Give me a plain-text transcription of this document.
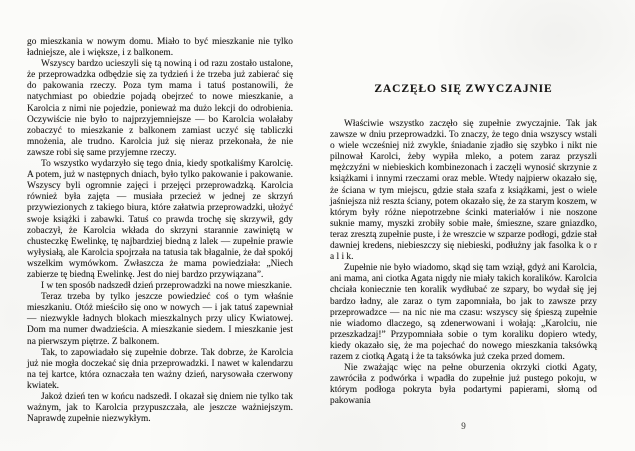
go mieszkania w nowym domu. Miało to być mieszkanie nie tylko ładniejsze, ale i większe, i z balkonem.

Wszyscy bardzo ucieszyli się tą nowiną i od razu zostało ustalone, że przeprowadzka odbędzie się za tydzień i że trzeba już zabierać się do pakowania rzeczy. Poza tym mama i tatuś postanowili, że natychmiast po obiedzie pojadą obejrzeć to nowe mieszkanie, a Karolcia z nimi nie pojedzie, ponieważ ma dużo lekcji do odrobienia. Oczywiście nie było to najprzyjemniejsze — bo Karolcia wolałaby zobaczyć to mieszkanie z balkonem zamiast uczyć się tabliczki mnożenia, ale trudno. Karolcia już się nieraz przekonała, że nie zawsze robi się same przyjemne rzeczy.

To wszystko wydarzyło się tego dnia, kiedy spotkaliśmy Karolcię. A potem, już w następnych dniach, było tylko pakowanie i pakowanie. Wszyscy byli ogromnie zajęci i przejęci przeprowadzką. Karolcia również była zajęta — musiała przecież w jednej ze skrzyń przywiezionych z takiego biura, które załatwia przeprowadzki, ułożyć swoje książki i zabawki. Tatuś co prawda trochę się skrzywił, gdy zobaczył, że Karolcia wkłada do skrzyni starannie zawiniętą w chusteczkę Ewelinkę, tę najbardziej biedną z lalek — zupełnie prawie wyłysiałą, ale Karolcia spojrzała na tatusia tak błagalnie, że dał spokój wszelkim wymówkom. Zwłaszcza że mama powiedziała: „Niech zabierze tę biedną Ewelinkę. Jest do niej bardzo przywiązana”.

I w ten sposób nadszedł dzień przeprowadzki na nowe mieszkanie.

Teraz trzeba by tylko jeszcze powiedzieć coś o tym właśnie mieszkaniu. Otóż mieściło się ono w nowych — i jak tatuś zapewniał — niezwykle ładnych blokach mieszkalnych przy ulicy Kwiatowej. Dom ma numer dwadzieścia. A mieszkanie siedem. I mieszkanie jest na pierwszym piętrze. Z balkonem.

Tak, to zapowiadało się zupełnie dobrze. Tak dobrze, że Karolcia już nie mogła doczekać się dnia przeprowadzki. I nawet w kalendarzu na tej kartce, która oznaczała ten ważny dzień, narysowała czerwony kwiatek.

Jakoż dzień ten w końcu nadszedł. I okazał się dniem nie tylko tak ważnym, jak to Karolcia przypuszczała, ale jeszcze ważniejszym. Naprawdę zupełnie niezwykłym.

ZACZĘŁO SIĘ ZWYCZAJNIE

Właściwie wszystko zaczęło się zupełnie zwyczajnie. Tak jak zawsze w dniu przeprowadzki. To znaczy, że tego dnia wszyscy wstali o wiele wcześniej niż zwykle, śniadanie zjadło się szybko i nikt nie pilnował Karolci, żeby wypiła mleko, a potem zaraz przyszli mężczyźni w niebieskich kombinezonach i zaczęli wynosić skrzynie z książkami i innymi rzeczami oraz meble. Wtedy najpierw okazało się, że ściana w tym miejscu, gdzie stała szafa z książkami, jest o wiele jaśniejsza niż reszta ściany, potem okazało się, że za starym koszem, w którym były różne niepotrzebne ścinki materiałów i nie noszone suknie mamy, myszki zrobiły sobie małe, śmieszne, szare gniazdko, teraz zresztą zupełnie puste, i że wreszcie w szparze podłogi, gdzie stał dawniej kredens, niebieszczy się niebieski, podłużny jak fasolka k o r a l i k.

Zupełnie nie było wiadomo, skąd się tam wziął, gdyż ani Karolcia, ani mama, ani ciotka Agata nigdy nie miały takich koralików. Karolcia chciała koniecznie ten koralik wydłubać ze szpary, bo wydał się jej bardzo ładny, ale zaraz o tym zapomniała, bo jak to zawsze przy przeprowadzce — na nic nie ma czasu: wszyscy się śpieszą zupełnie nie wiadomo dlaczego, są zdenerwowani i wołają: „Karolciu, nie przeszkadzaj!” Przypomniała sobie o tym koraliku dopiero wtedy, kiedy okazało się, że ma pojechać do nowego mieszkania taksówką razem z ciotką Agatą i że ta taksówka już czeka przed domem.

Nie zważając więc na pełne oburzenia okrzyki ciotki Agaty, zawróciła z podwórka i wpadła do zupełnie już pustego pokoju, w którym podłoga pokryta była podartymi papierami, słomą od pakowania

9
